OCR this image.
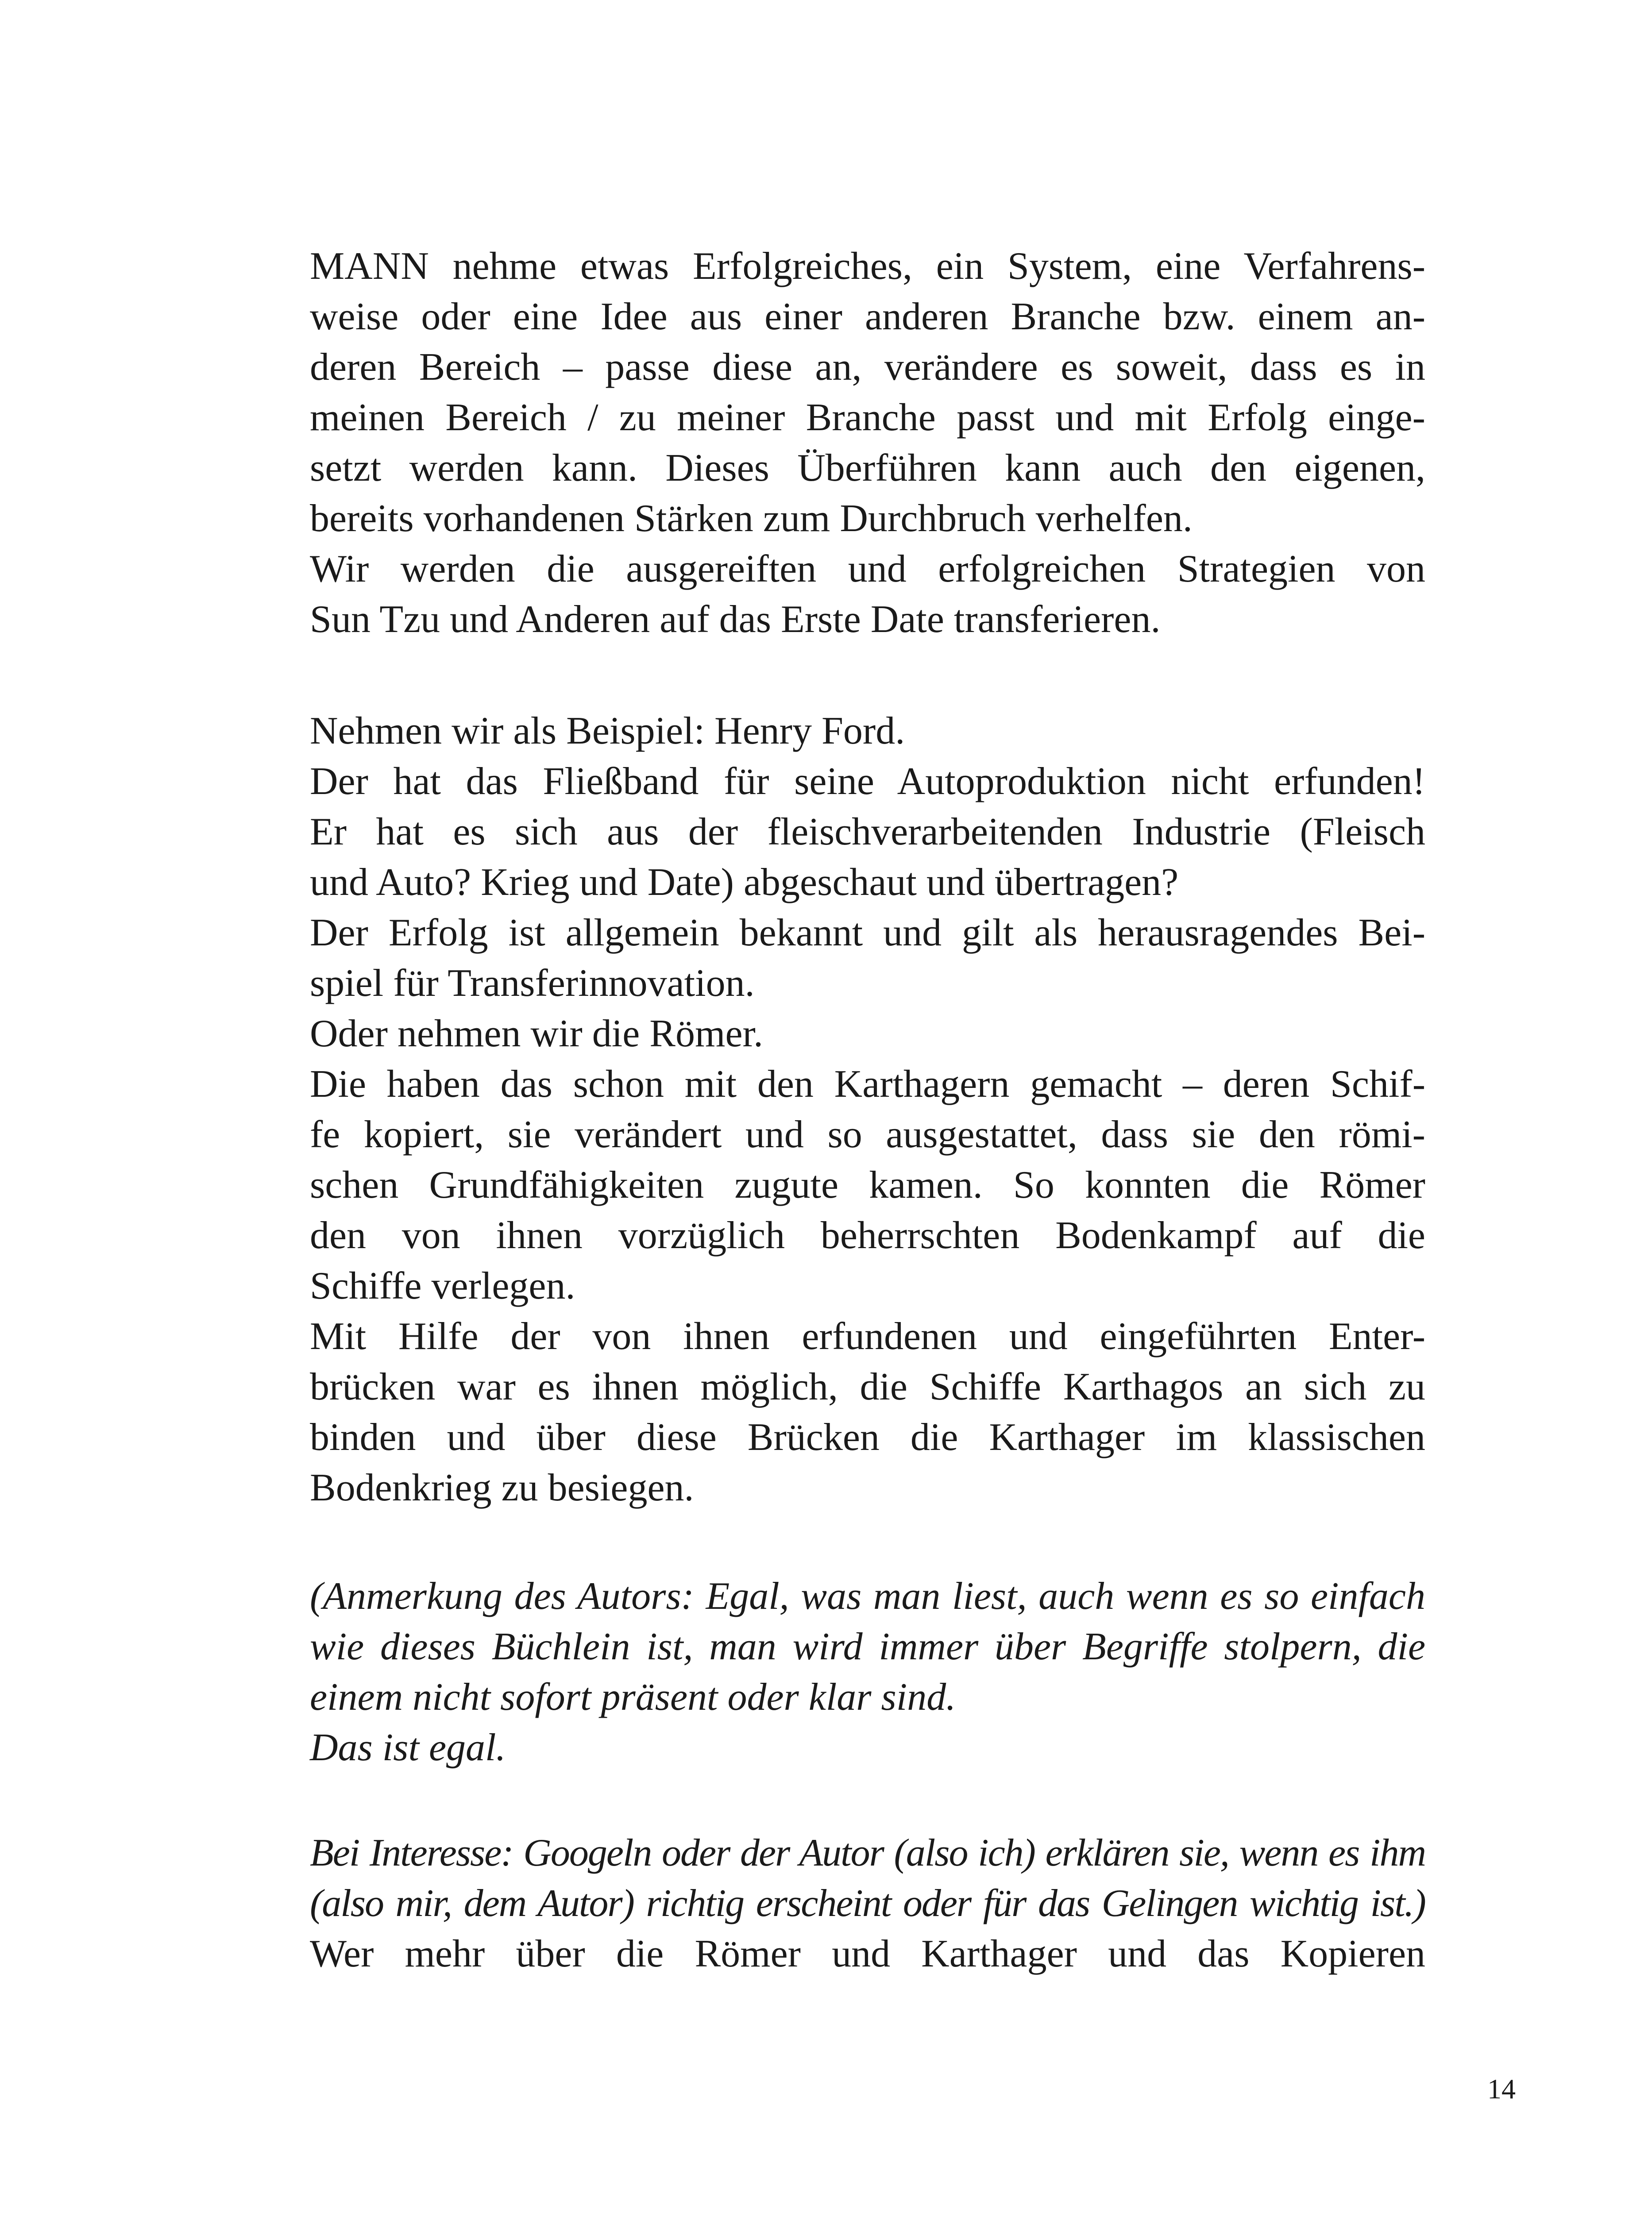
MANN nehme etwas Erfolgreiches, ein System, eine Verfahrens-
weise oder eine Idee aus einer anderen Branche bzw. einem an-
deren Bereich – passe diese an, verändere es soweit, dass es in
meinen Bereich / zu meiner Branche passt und mit Erfolg einge-
setzt werden kann. Dieses Überführen kann auch den eigenen,
bereits vorhandenen Stärken zum Durchbruch verhelfen.
Wir werden die ausgereiften und erfolgreichen Strategien von
Sun Tzu und Anderen auf das Erste Date transferieren.
Nehmen wir als Beispiel: Henry Ford.
Der hat das Fließband für seine Autoproduktion nicht erfunden!
Er hat es sich aus der fleischverarbeitenden Industrie (Fleisch
und Auto? Krieg und Date) abgeschaut und übertragen?
Der Erfolg ist allgemein bekannt und gilt als herausragendes Bei-
spiel für Transferinnovation.
Oder nehmen wir die Römer.
Die haben das schon mit den Karthagern gemacht – deren Schif-
fe kopiert, sie verändert und so ausgestattet, dass sie den römi-
schen Grundfähigkeiten zugute kamen. So konnten die Römer
den von ihnen vorzüglich beherrschten Bodenkampf auf die
Schiffe verlegen.
Mit Hilfe der von ihnen erfundenen und eingeführten Enter-
brücken war es ihnen möglich, die Schiffe Karthagos an sich zu
binden und über diese Brücken die Karthager im klassischen
Bodenkrieg zu besiegen.
(Anmerkung des Autors: Egal, was man liest, auch wenn es so einfach
wie dieses Büchlein ist, man wird immer über Begriffe stolpern, die
einem nicht sofort präsent oder klar sind.
Das ist egal.
Bei Interesse: Googeln oder der Autor (also ich) erklären sie, wenn es ihm
(also mir, dem Autor) richtig erscheint oder für das Gelingen wichtig ist.)
Wer mehr über die Römer und Karthager und das Kopieren
14
